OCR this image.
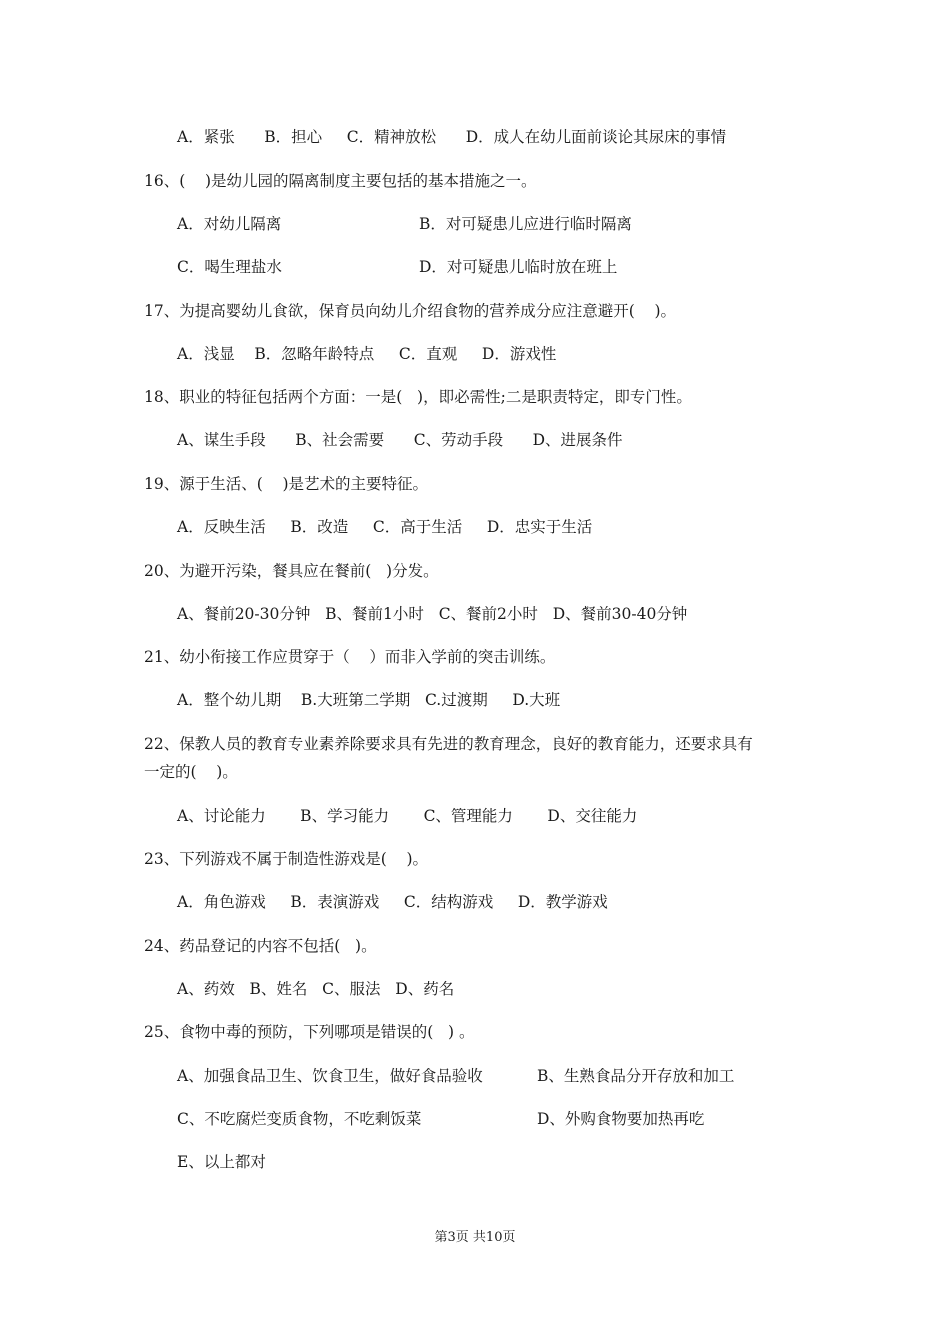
A．紧张      B．担心     C．精神放松      D．成人在幼儿面前谈论其尿床的事情
16、(    )是幼儿园的隔离制度主要包括的基本措施之一。
A．对幼儿隔离	B．对可疑患儿应进行临时隔离
C．喝生理盐水	D．对可疑患儿临时放在班上
17、为提高婴幼儿食欲，保育员向幼儿介绍食物的营养成分应注意避开(    )。
A．浅显    B．忽略年龄特点     C．直观     D．游戏性
18、职业的特征包括两个方面：一是(   )，即必需性;二是职责特定，即专门性。
A、谋生手段      B、社会需要      C、劳动手段      D、进展条件
19、源于生活、(    )是艺术的主要特征。
A．反映生活     B．改造     C．高于生活     D．忠实于生活
20、为避开污染，餐具应在餐前(   )分发。
A、餐前20-30分钟   B、餐前1小时   C、餐前2小时   D、餐前30-40分钟
21、幼小衔接工作应贯穿于（    ）而非入学前的突击训练。
A．整个幼儿期    B.大班第二学期   C.过渡期     D.大班
22、保教人员的教育专业素养除要求具有先进的教育理念，良好的教育能力，还要求具有
一定的(    )。
A、讨论能力       B、学习能力       C、管理能力       D、交往能力
23、下列游戏不属于制造性游戏是(    )。
A．角色游戏     B．表演游戏     C．结构游戏     D．教学游戏
24、药品登记的内容不包括(   )。
A、药效   B、姓名   C、服法   D、药名
25、食物中毒的预防，下列哪项是错误的(   ) 。
A、加强食品卫生、饮食卫生，做好食品验收	B、生熟食品分开存放和加工
C、不吃腐烂变质食物，不吃剩饭菜	D、外购食物要加热再吃
E、以上都对
第3页 共10页
